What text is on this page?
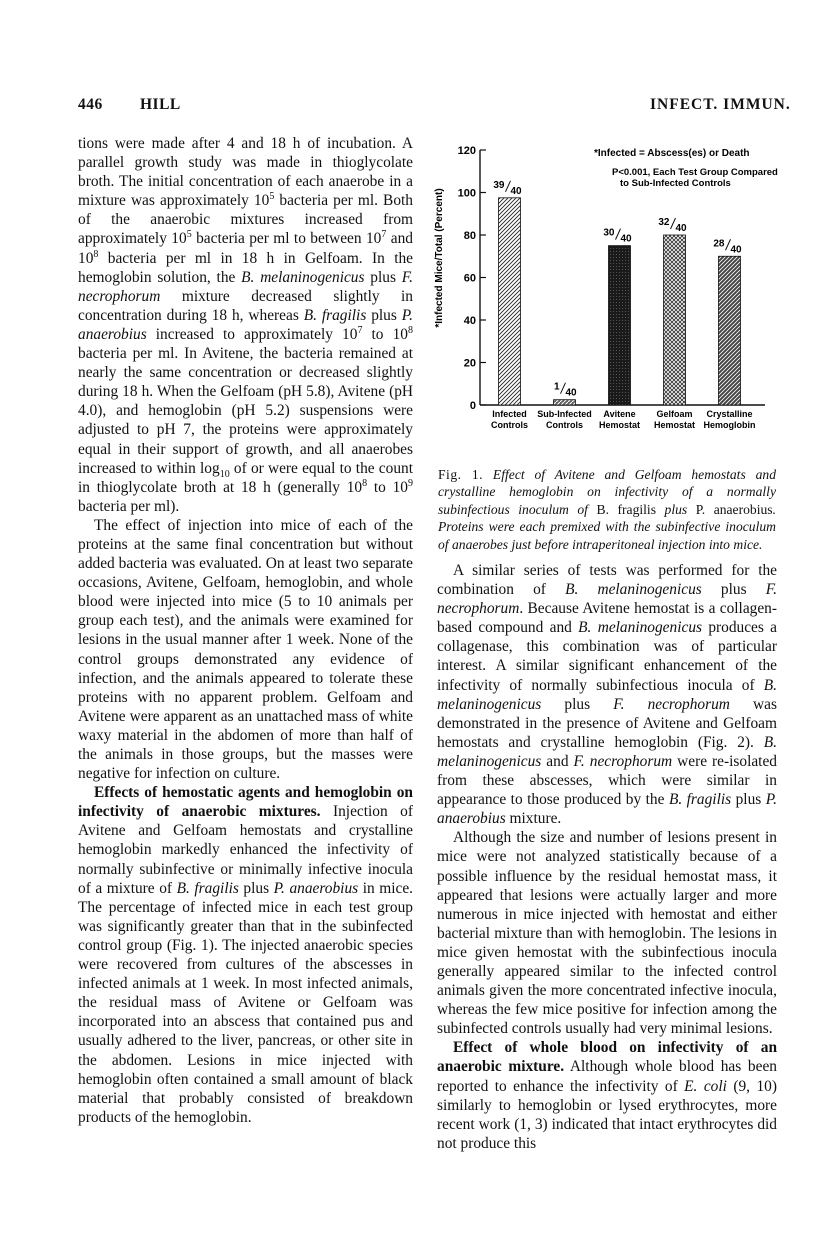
446 HILL	INFECT. IMMUN.

tions were made after 4 and 18 h of incubation. A parallel growth study was made in thioglycolate broth. The initial concentration of each anaerobe in a mixture was approximately $10^5$ bacteria per ml. Both of the anaerobic mixtures increased from approximately $10^5$ bacteria per ml to between $10^7$ and $10^8$ bacteria per ml in 18 h in Gelfoam. In the hemoglobin solution, the B. melaninogenicus plus F. necrophorum mixture decreased slightly in concentration during 18 h, whereas B. fragilis plus P. anaerobius increased to approximately $10^7$ to $10^8$ bacteria per ml. In Avitene, the bacteria remained at nearly the same concentration or decreased slightly during 18 h. When the Gelfoam (pH 5.8), Avitene (pH 4.0), and hemoglobin (pH 5.2) suspensions were adjusted to pH 7, the proteins were approximately equal in their support of growth, and all anaerobes increased to within $\log_{10}$ of or were equal to the count in thioglycolate broth at 18 h (generally $10^8$ to $10^9$ bacteria per ml).

The effect of injection into mice of each of the proteins at the same final concentration but without added bacteria was evaluated. On at least two separate occasions, Avitene, Gelfoam, hemoglobin, and whole blood were injected into mice (5 to 10 animals per group each test), and the animals were examined for lesions in the usual manner after 1 week. None of the control groups demonstrated any evidence of infection, and the animals appeared to tolerate these proteins with no apparent problem. Gelfoam and Avitene were apparent as an unattached mass of white waxy material in the abdomen of more than half of the animals in those groups, but the masses were negative for infection on culture.

Effects of hemostatic agents and hemoglobin on infectivity of anaerobic mixtures. Injection of Avitene and Gelfoam hemostats and crystalline hemoglobin markedly enhanced the infectivity of normally subinfective or minimally infective inocula of a mixture of B. fragilis plus P. anaerobius in mice. The percentage of infected mice in each test group was significantly greater than that in the subinfected control group (Fig. 1). The injected anaerobic species were recovered from cultures of the abscesses in infected animals at 1 week. In most infected animals, the residual mass of Avitene or Gelfoam was incorporated into an abscess that contained pus and usually adhered to the liver, pancreas, or other site in the abdomen. Lesions in mice injected with hemoglobin often contained a small amount of black material that probably consisted of breakdown products of the hemoglobin.

0
20
40
60
80
100
120
39
40
1
40
30
40
32
40
28
40
Infected
Controls
Sub-Infected
Controls
Avitene
Hemostat
Gelfoam
Hemostat
Crystalline
Hemoglobin
*Infected Mice/Total (Percent)
*Infected = Abscess(es) or Death
P<0.001, Each Test Group Compared
to Sub-Infected Controls
Fig. 1. Effect of Avitene and Gelfoam hemostats and crystalline hemoglobin on infectivity of a normally subinfectious inoculum of B. fragilis plus P. anaerobius. Proteins were each premixed with the subinfective inoculum of anaerobes just before intraperitoneal injection into mice.

A similar series of tests was performed for the combination of B. melaninogenicus plus F. necrophorum. Because Avitene hemostat is a collagen-based compound and B. melaninogenicus produces a collagenase, this combination was of particular interest. A similar significant enhancement of the infectivity of normally subinfectious inocula of B. melaninogenicus plus F. necrophorum was demonstrated in the presence of Avitene and Gelfoam hemostats and crystalline hemoglobin (Fig. 2). B. melaninogenicus and F. necrophorum were re-isolated from these abscesses, which were similar in appearance to those produced by the B. fragilis plus P. anaerobius mixture.

Although the size and number of lesions present in mice were not analyzed statistically because of a possible influence by the residual hemostat mass, it appeared that lesions were actually larger and more numerous in mice injected with hemostat and either bacterial mixture than with hemoglobin. The lesions in mice given hemostat with the subinfectious inocula generally appeared similar to the infected control animals given the more concentrated infective inocula, whereas the few mice positive for infection among the subinfected controls usually had very minimal lesions.

Effect of whole blood on infectivity of an anaerobic mixture. Although whole blood has been reported to enhance the infectivity of E. coli (9, 10) similarly to hemoglobin or lysed erythrocytes, more recent work (1, 3) indicated that intact erythrocytes did not produce this
